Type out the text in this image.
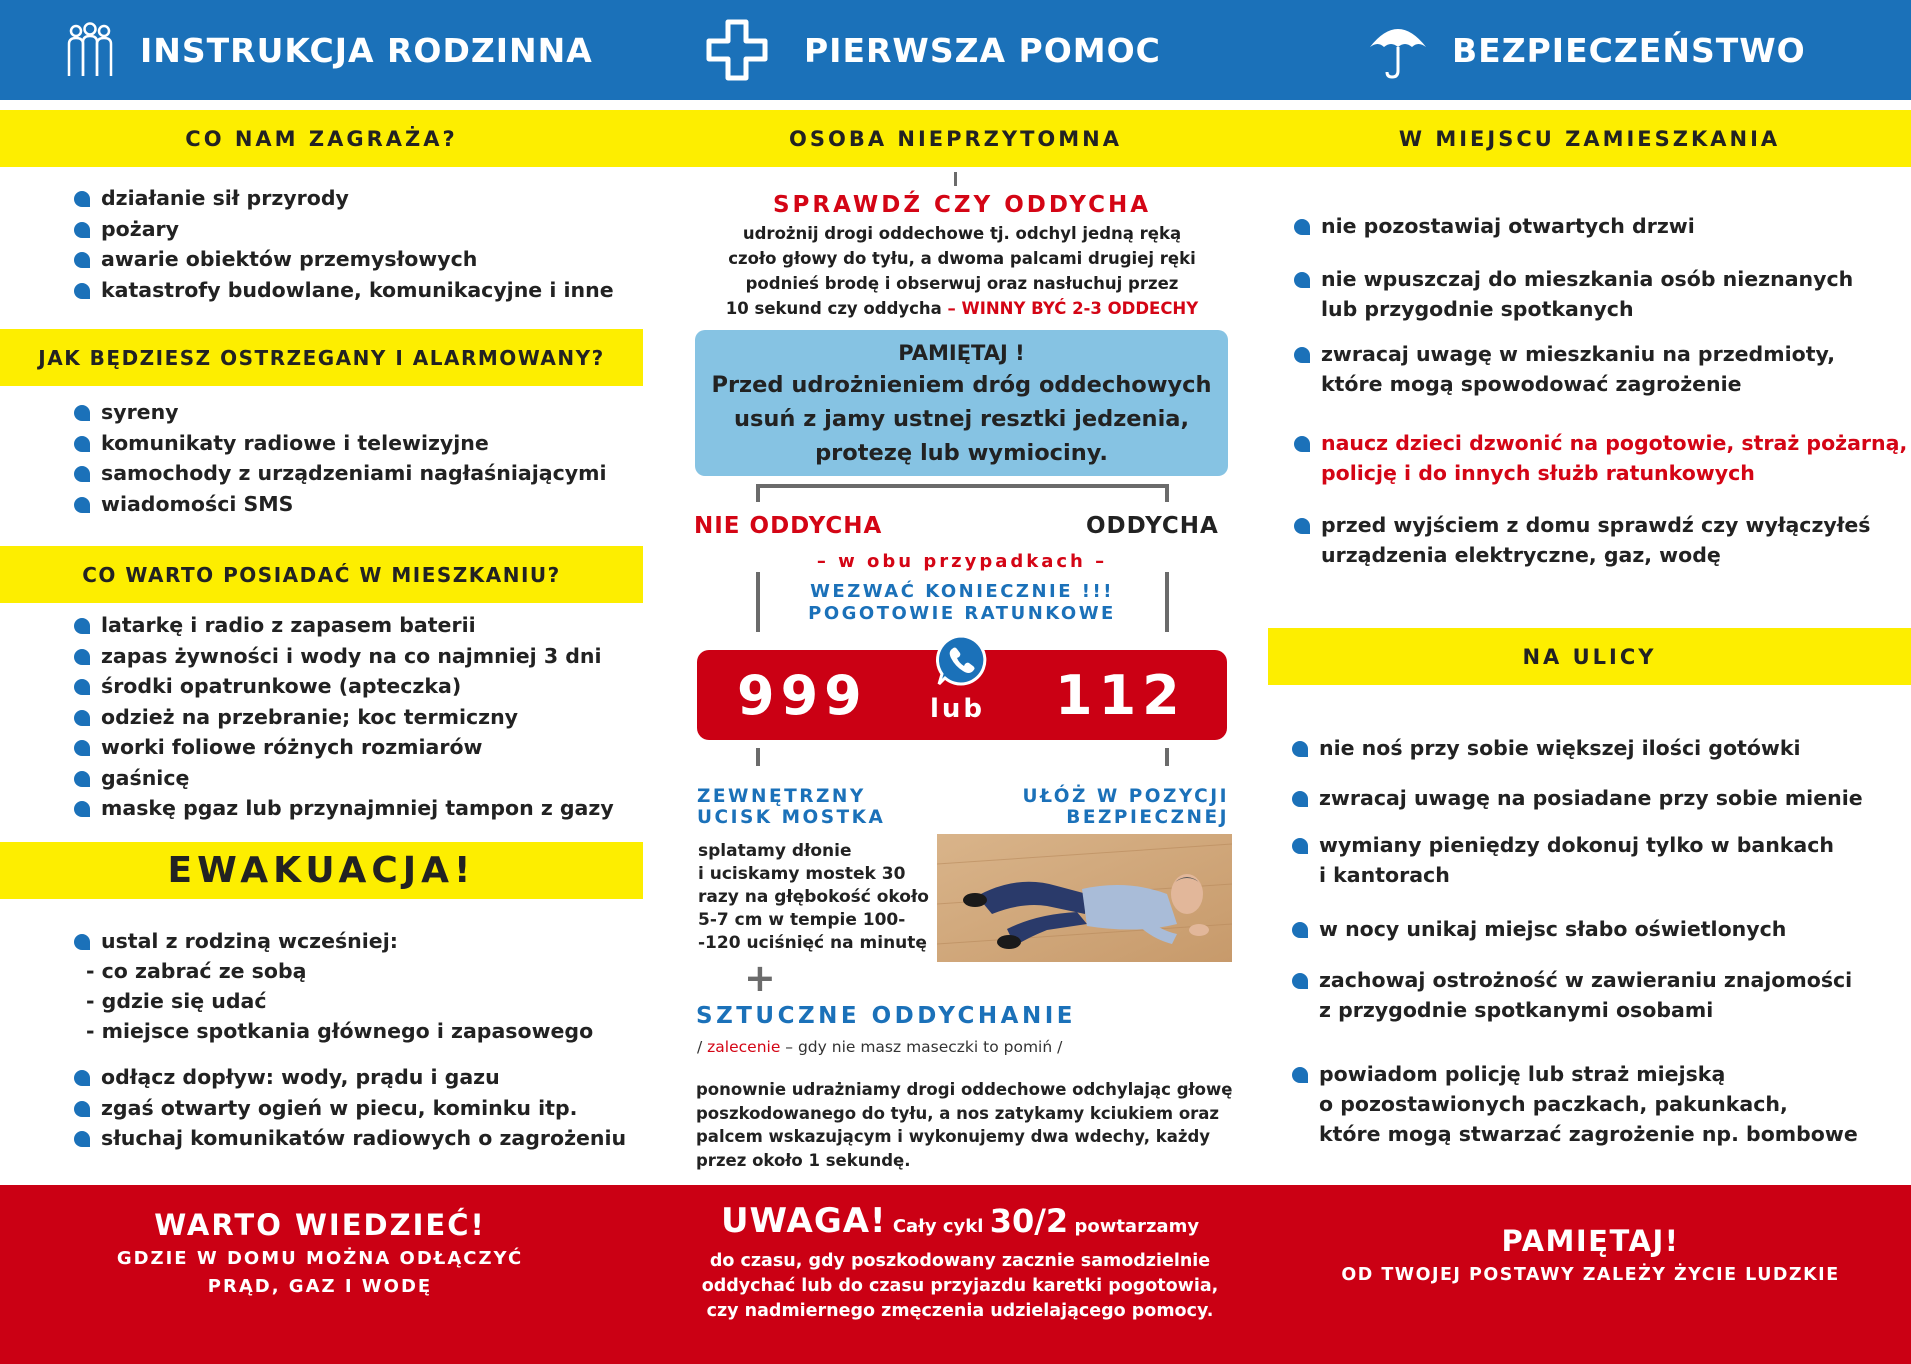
INSTRUKCJA RODZINNA	PIERWSZA POMOC	BEZPIECZEŃSTWO
CO NAM ZAGRAŻA?
działanie sił przyrody
pożary
awarie obiektów przemysłowych
katastrofy budowlane, komunikacyjne i inne
JAK BĘDZIESZ OSTRZEGANY I ALARMOWANY?
syreny
komunikaty radiowe i telewizyjne
samochody z urządzeniami nagłaśniającymi
wiadomości SMS
CO WARTO POSIADAĆ W MIESZKANIU?
latarkę i radio z zapasem baterii
zapas żywności i wody na co najmniej 3 dni
środki opatrunkowe (apteczka)
odzież na przebranie; koc termiczny
worki foliowe różnych rozmiarów
gaśnicę
maskę pgaz lub przynajmniej tampon z gazy
EWAKUACJA!
ustal z rodziną wcześniej:
- co zabrać ze sobą
- gdzie się udać
- miejsce spotkania głównego i zapasowego
odłącz dopływ: wody, prądu i gazu
zgaś otwarty ogień w piecu, kominku itp.
słuchaj komunikatów radiowych o zagrożeniu
OSOBA NIEPRZYTOMNA
SPRAWDŹ CZY ODDYCHA
udrożnij drogi oddechowe tj. odchyl jedną ręką
czoło głowy do tyłu, a dwoma palcami drugiej ręki
podnieś brodę i obserwuj oraz nasłuchuj przez
10 sekund czy oddycha – WINNY BYĆ 2-3 ODDECHY
PAMIĘTAJ !
Przed udrożnieniem dróg oddechowych
usuń z jamy ustnej resztki jedzenia,
protezę lub wymiociny.
NIE ODDYCHA	ODDYCHA
– w obu przypadkach –
WEZWAĆ KONIECZNIE !!!
POGOTOWIE RATUNKOWE
999 lub 112
ZEWNĘTRZNY
UCISK MOSTKA
UŁÓŻ W POZYCJI
BEZPIECZNEJ
splatamy dłonie
i uciskamy mostek 30
razy na głębokość około
5-7 cm w tempie 100-
-120 uciśnięć na minutę
+
SZTUCZNE ODDYCHANIE
/ zalecenie – gdy nie masz maseczki to pomiń /
ponownie udrażniamy drogi oddechowe odchylając głowę
poszkodowanego do tyłu, a nos zatykamy kciukiem oraz
palcem wskazującym i wykonujemy dwa wdechy, każdy
przez około 1 sekundę.
W MIEJSCU ZAMIESZKANIA
nie pozostawiaj otwartych drzwi
nie wpuszczaj do mieszkania osób nieznanych
lub przygodnie spotkanych
zwracaj uwagę w mieszkaniu na przedmioty,
które mogą spowodować zagrożenie
naucz dzieci dzwonić na pogotowie, straż pożarną,
policję i do innych służb ratunkowych
przed wyjściem z domu sprawdź czy wyłączyłeś
urządzenia elektryczne, gaz, wodę
NA ULICY
nie noś przy sobie większej ilości gotówki
zwracaj uwagę na posiadane przy sobie mienie
wymiany pieniędzy dokonuj tylko w bankach
i kantorach
w nocy unikaj miejsc słabo oświetlonych
zachowaj ostrożność w zawieraniu znajomości
z przygodnie spotkanymi osobami
powiadom policję lub straż miejską
o pozostawionych paczkach, pakunkach,
które mogą stwarzać zagrożenie np. bombowe
WARTO WIEDZIEĆ!
GDZIE W DOMU MOŻNA ODŁĄCZYĆ
PRĄD, GAZ I WODĘ
UWAGA! Cały cykl 30/2 powtarzamy
do czasu, gdy poszkodowany zacznie samodzielnie
oddychać lub do czasu przyjazdu karetki pogotowia,
czy nadmiernego zmęczenia udzielającego pomocy.
PAMIĘTAJ!
OD TWOJEJ POSTAWY ZALEŻY ŻYCIE LUDZKIE
